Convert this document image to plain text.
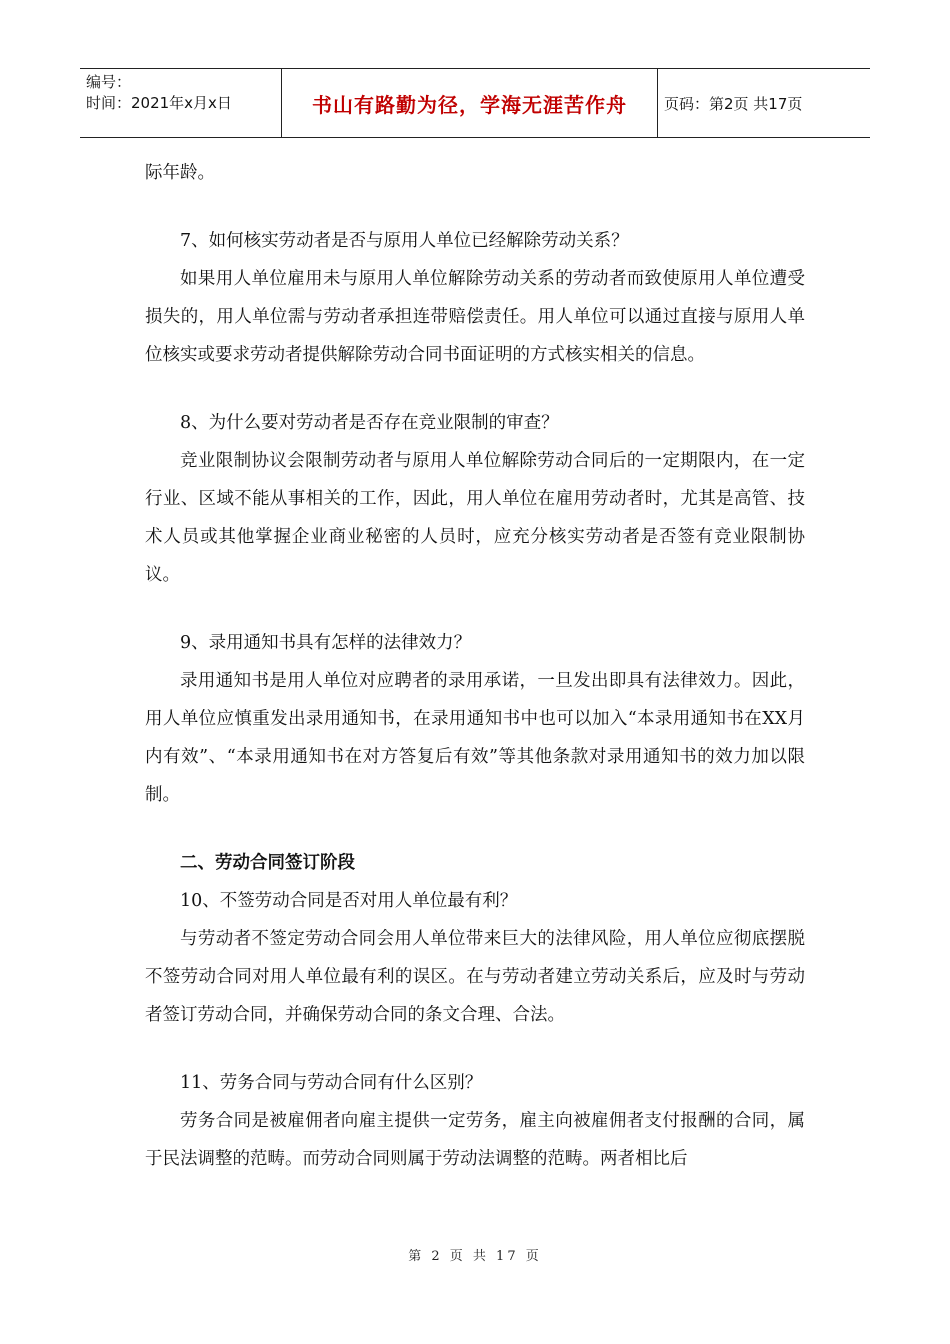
编号：
时间：2021年x月x日	书山有路勤为径，学海无涯苦作舟	页码：第2页 共17页

际年龄。

7、如何核实劳动者是否与原用人单位已经解除劳动关系？

如果用人单位雇用未与原用人单位解除劳动关系的劳动者而致使原用人单位遭受损失的，用人单位需与劳动者承担连带赔偿责任。用人单位可以通过直接与原用人单位核实或要求劳动者提供解除劳动合同书面证明的方式核实相关的信息。

8、为什么要对劳动者是否存在竞业限制的审查？

竞业限制协议会限制劳动者与原用人单位解除劳动合同后的一定期限内，在一定行业、区域不能从事相关的工作，因此，用人单位在雇用劳动者时，尤其是高管、技术人员或其他掌握企业商业秘密的人员时，应充分核实劳动者是否签有竞业限制协议。

9、录用通知书具有怎样的法律效力？

录用通知书是用人单位对应聘者的录用承诺，一旦发出即具有法律效力。因此，用人单位应慎重发出录用通知书，在录用通知书中也可以加入“本录用通知书在XX月内有效”、“本录用通知书在对方答复后有效”等其他条款对录用通知书的效力加以限制。

二、劳动合同签订阶段

10、不签劳动合同是否对用人单位最有利？

与劳动者不签定劳动合同会用人单位带来巨大的法律风险，用人单位应彻底摆脱不签劳动合同对用人单位最有利的误区。在与劳动者建立劳动关系后，应及时与劳动者签订劳动合同，并确保劳动合同的条文合理、合法。

11、劳务合同与劳动合同有什么区别？

劳务合同是被雇佣者向雇主提供一定劳务，雇主向被雇佣者支付报酬的合同，属于民法调整的范畴。而劳动合同则属于劳动法调整的范畴。两者相比后

第 2 页 共 17 页
